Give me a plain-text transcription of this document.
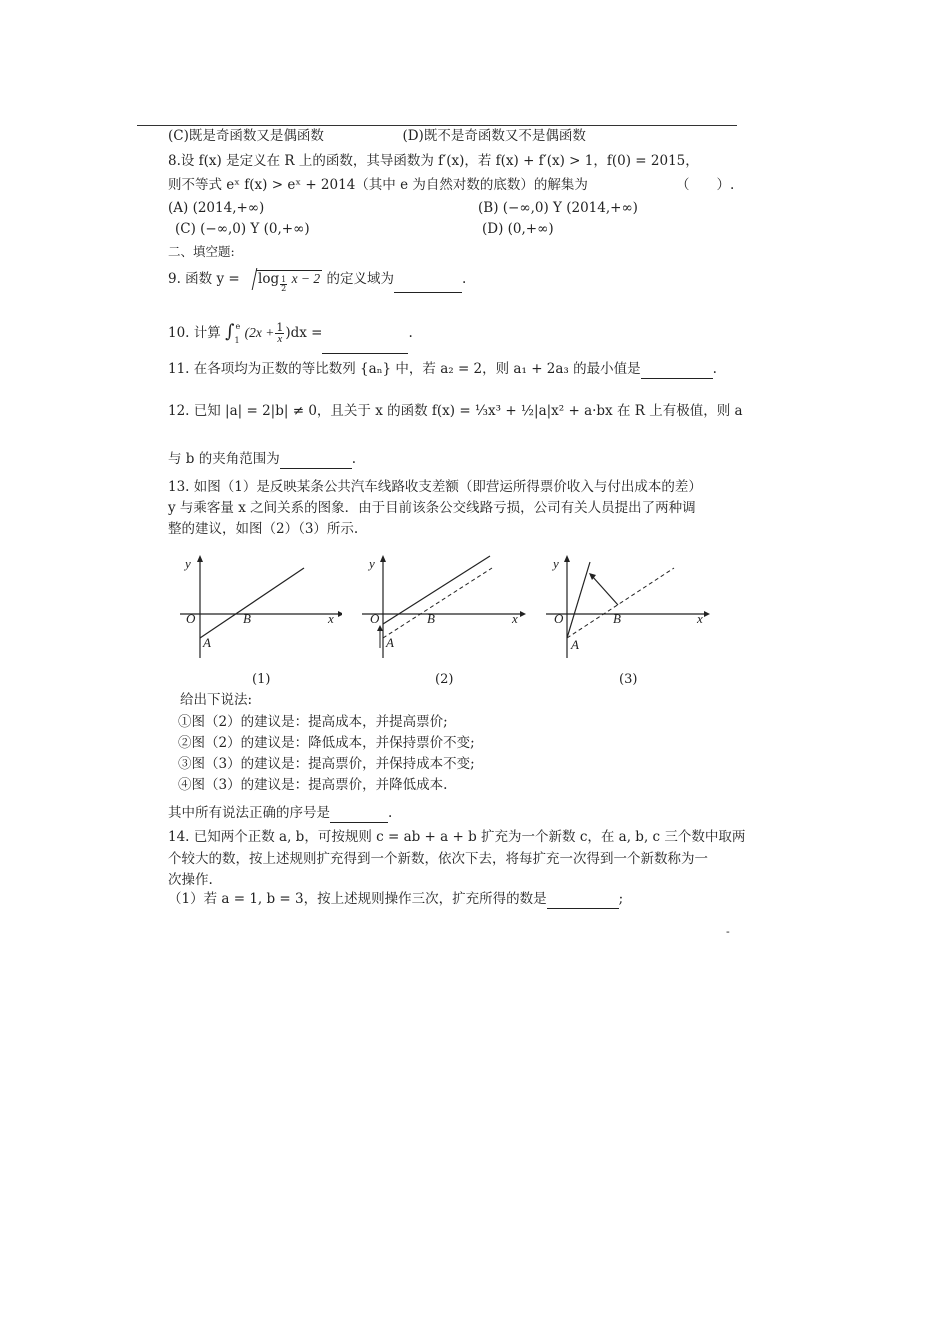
(C)既是奇函数又是偶函数	(D)既不是奇函数又不是偶函数
8.设 f(x) 是定义在 R 上的函数，其导函数为 f′(x)，若 f(x) + f′(x) > 1，f(0) = 2015，
则不等式 eˣ f(x) > eˣ + 2014（其中 e 为自然对数的底数）的解集为	（　　）.
(A) (2014,+∞)	(B) (−∞,0) Y (2014,+∞)
(C) (−∞,0) Y (0,+∞)	(D) (0,+∞)
二、填空题:
9. 函数 $y = \log \frac{1}{2}$ x − 2 的定义域为	.
10. 计算 $\int_1^e$ $(2x + \frac{1}{x} )dx$ =	.
11. 在各项均为正数的等比数列 {aₙ} 中，若 a₂ = 2，则 a₁ + 2a₃ 的最小值是	.
12. 已知 |a| = 2|b| ≠ 0，且关于 x 的函数 f(x) = ⅓x³ + ½|a|x² + a·bx 在 R 上有极值，则 a
与 b 的夹角范围为	.
13. 如图（1）是反映某条公共汽车线路收支差额（即营运所得票价收入与付出成本的差）
y 与乘客量 x 之间关系的图象．由于目前该条公交线路亏损，公司有关人员提出了两种调
整的建议，如图（2）（3）所示.
y
O	B	x
A
(1)
y
O	B	x
A
(2)
y
O	B	x
A
(3)
给出下说法:
①图（2）的建议是：提高成本，并提高票价;
②图（2）的建议是：降低成本，并保持票价不变;
③图（3）的建议是：提高票价，并保持成本不变;
④图（3）的建议是：提高票价，并降低成本.
其中所有说法正确的序号是	.
14. 已知两个正数 a, b，可按规则 c = ab + a + b 扩充为一个新数 c，在 a, b, c 三个数中取两
个较大的数，按上述规则扩充得到一个新数，依次下去，将每扩充一次得到一个新数称为一
次操作.
（1）若 a = 1, b = 3，按上述规则操作三次，扩充所得的数是	;
-
